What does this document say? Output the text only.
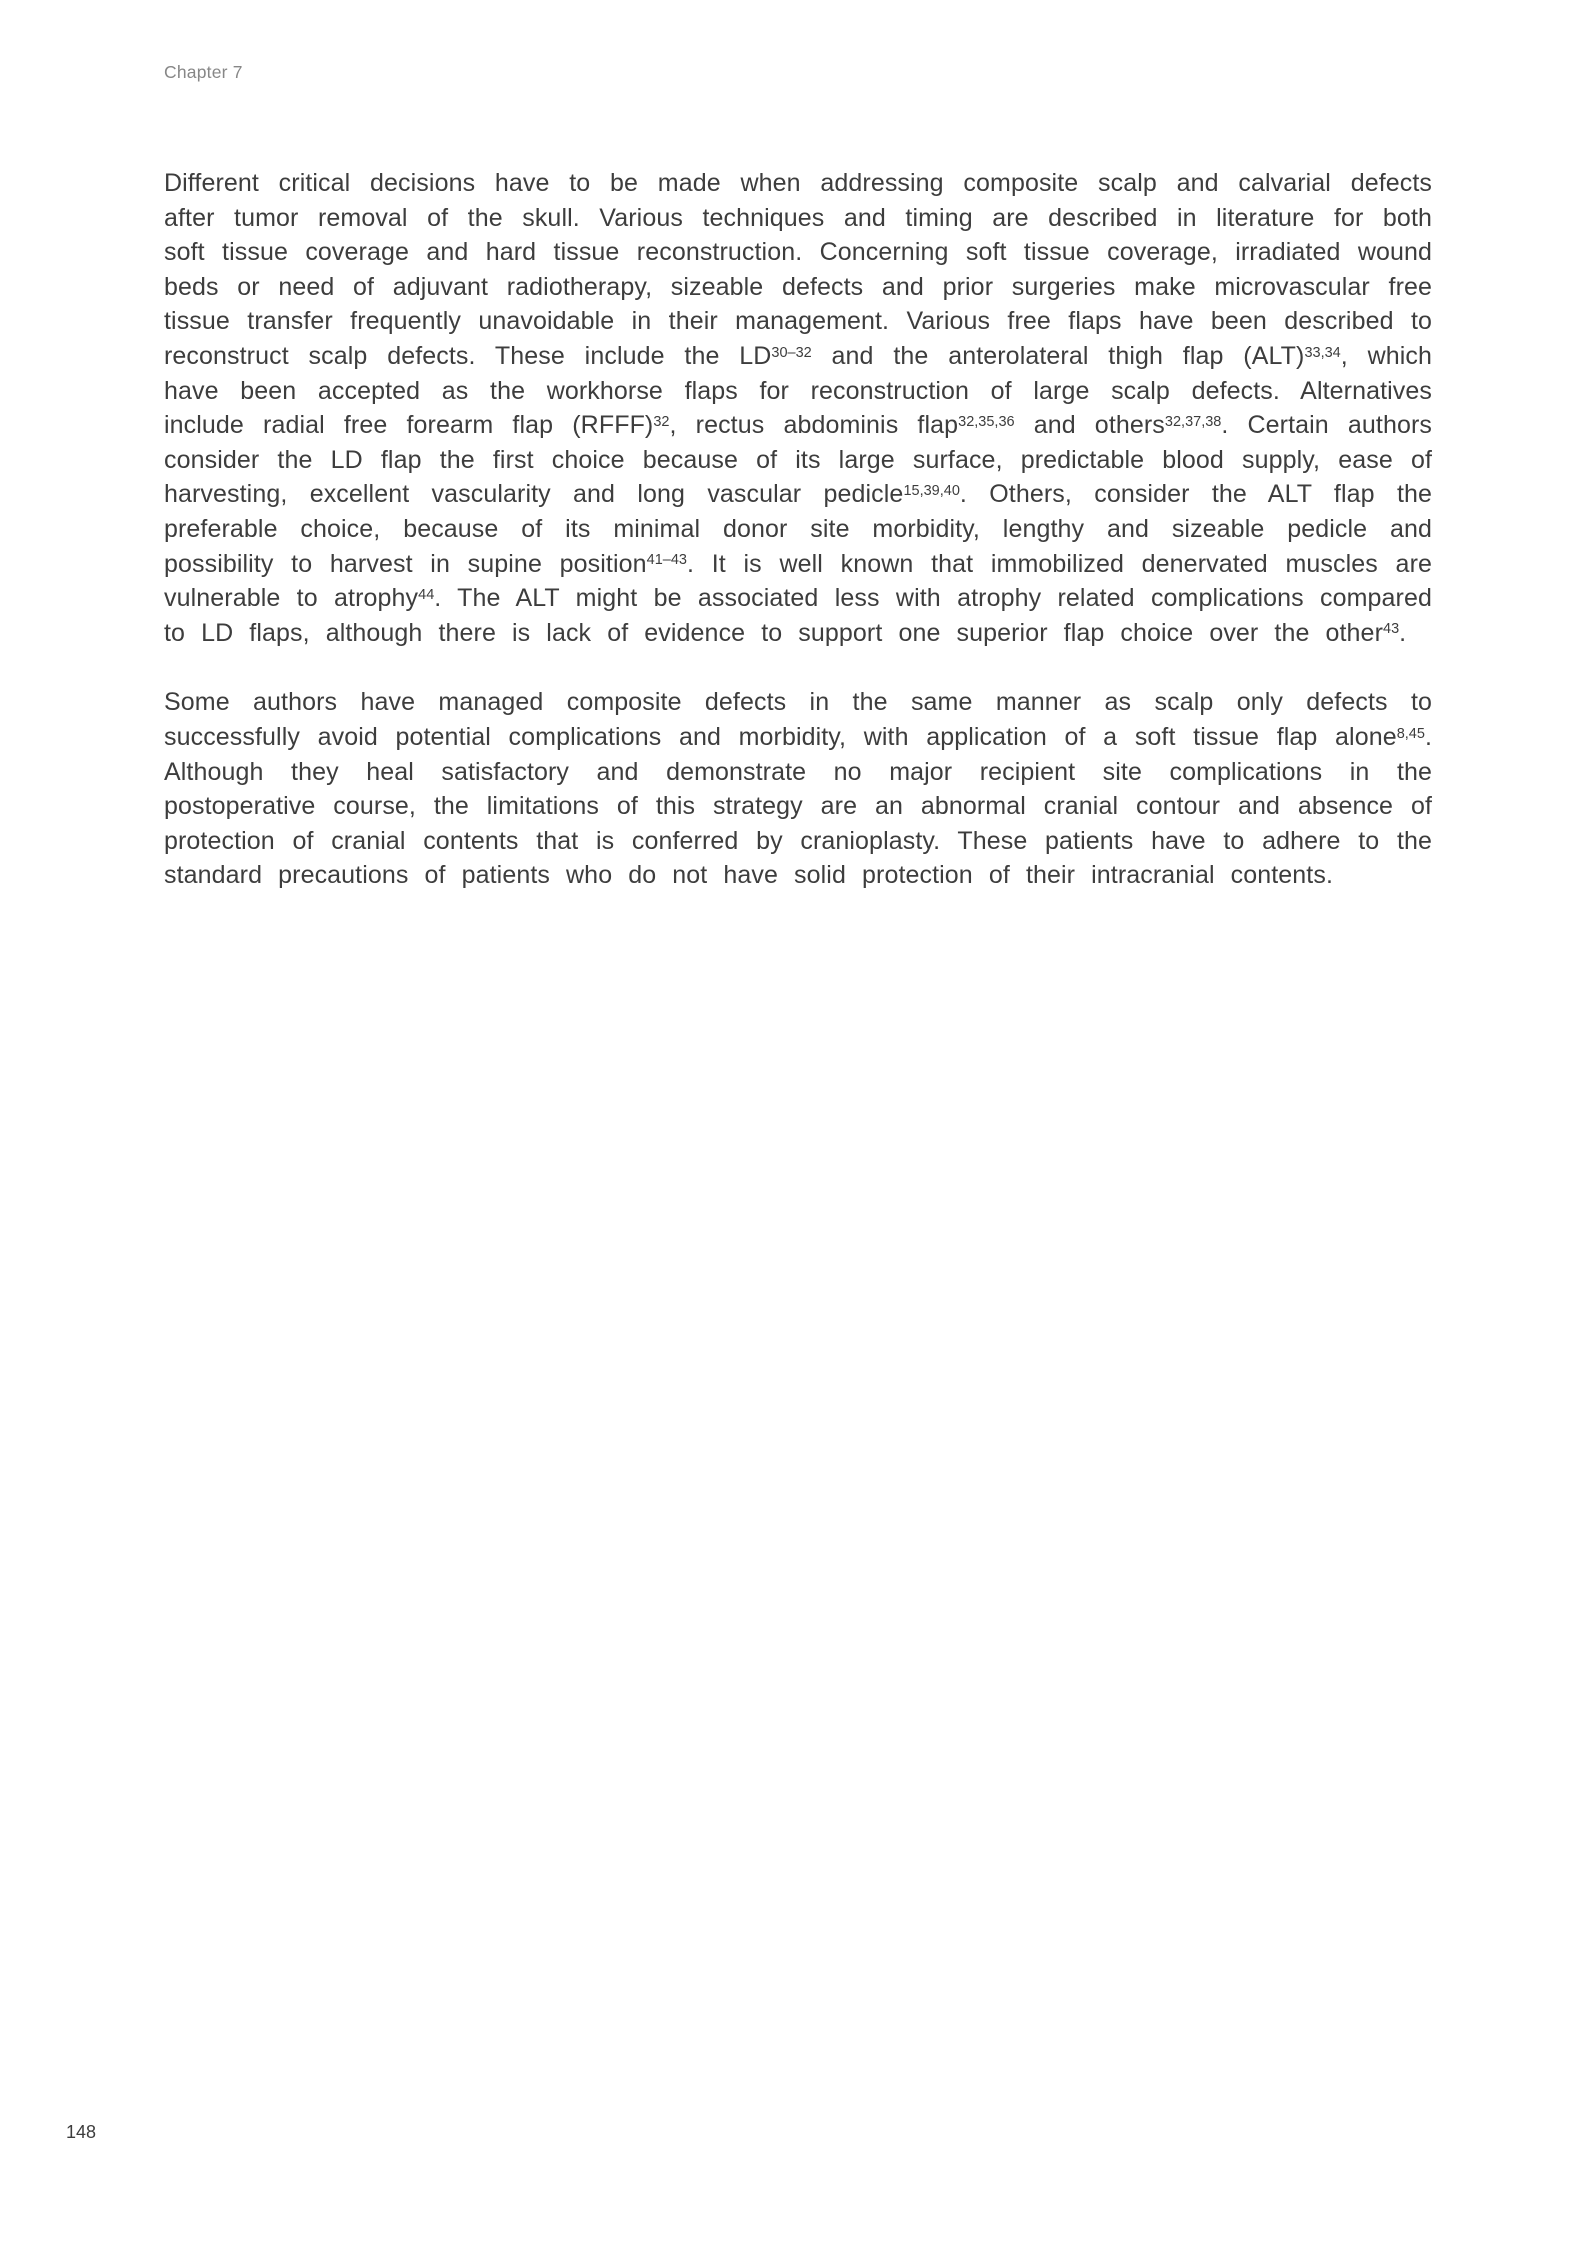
Chapter 7

Different critical decisions have to be made when addressing composite scalp and calvarial defects after tumor removal of the skull. Various techniques and timing are described in literature for both soft tissue coverage and hard tissue reconstruction. Concerning soft tissue coverage, irradiated wound beds or need of adjuvant radiotherapy, sizeable defects and prior surgeries make microvascular free tissue transfer frequently unavoidable in their management. Various free flaps have been described to reconstruct scalp defects. These include the LD$^{30-32}$ and the anterolateral thigh flap (ALT)$^{33,34}$, which have been accepted as the workhorse flaps for reconstruction of large scalp defects. Alternatives include radial free forearm flap (RFFF)$^{32}$, rectus abdominis flap$^{32,35,36}$ and others$^{32,37,38}$. Certain authors consider the LD flap the first choice because of its large surface, predictable blood supply, ease of harvesting, excellent vascularity and long vascular pedicle$^{15,39,40}$. Others, consider the ALT flap the preferable choice, because of its minimal donor site morbidity, lengthy and sizeable pedicle and possibility to harvest in supine position$^{41-43}$. It is well known that immobilized denervated muscles are vulnerable to atrophy$^{44}$. The ALT might be associated less with atrophy related complications compared to LD flaps, although there is lack of evidence to support one superior flap choice over the other$^{43}$.

Some authors have managed composite defects in the same manner as scalp only defects to successfully avoid potential complications and morbidity, with application of a soft tissue flap alone$^{8,45}$. Although they heal satisfactory and demonstrate no major recipient site complications in the postoperative course, the limitations of this strategy are an abnormal cranial contour and absence of protection of cranial contents that is conferred by cranioplasty. These patients have to adhere to the standard precautions of patients who do not have solid protection of their intracranial contents.

148
